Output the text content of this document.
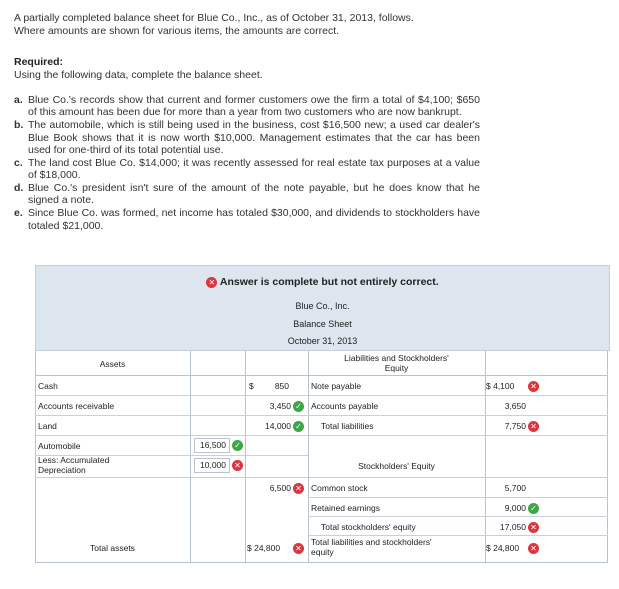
A partially completed balance sheet for Blue Co., Inc., as of October 31, 2013, follows.
Where amounts are shown for various items, the amounts are correct.
Required:
Using the following data, complete the balance sheet.
a. Blue Co.'s records show that current and former customers owe the firm a total of $4,100; $650 of this amount has been due for more than a year from two customers who are now bankrupt.
b. The automobile, which is still being used in the business, cost $16,500 new; a used car dealer's Blue Book shows that it is now worth $10,000. Management estimates that the car has been used for one-third of its total potential use.
c. The land cost Blue Co. $14,000; it was recently assessed for real estate tax purposes at a value of $18,000.
d. Blue Co.'s president isn't sure of the amount of the note payable, but he does know that he signed a note.
e. Since Blue Co. was formed, net income has totaled $30,000, and dividends to stockholders have totaled $21,000.
✕ Answer is complete but not entirely correct.
Blue Co., Inc.
Balance Sheet
October 31, 2013
Assets
Liabilities and Stockholders'
Equity
Cash	$	850	Note payable	$ 4,100	✕
Accounts receivable	3,450 ✓ Accounts payable	3,650
Land	14,000 ✓ Total liabilities	7,750 ✕
Automobile	16,500	✓
Less: Accumulated
Depreciation	10,000	✕	Stockholders' Equity
6,500 ✕ Common stock	5,700
Retained earnings	9,000 ✓
Total stockholders' equity	17,050 ✕
Total assets	$ 24,800 ✕
Total liabilities and stockholders'
equity	$ 24,800 ✕
